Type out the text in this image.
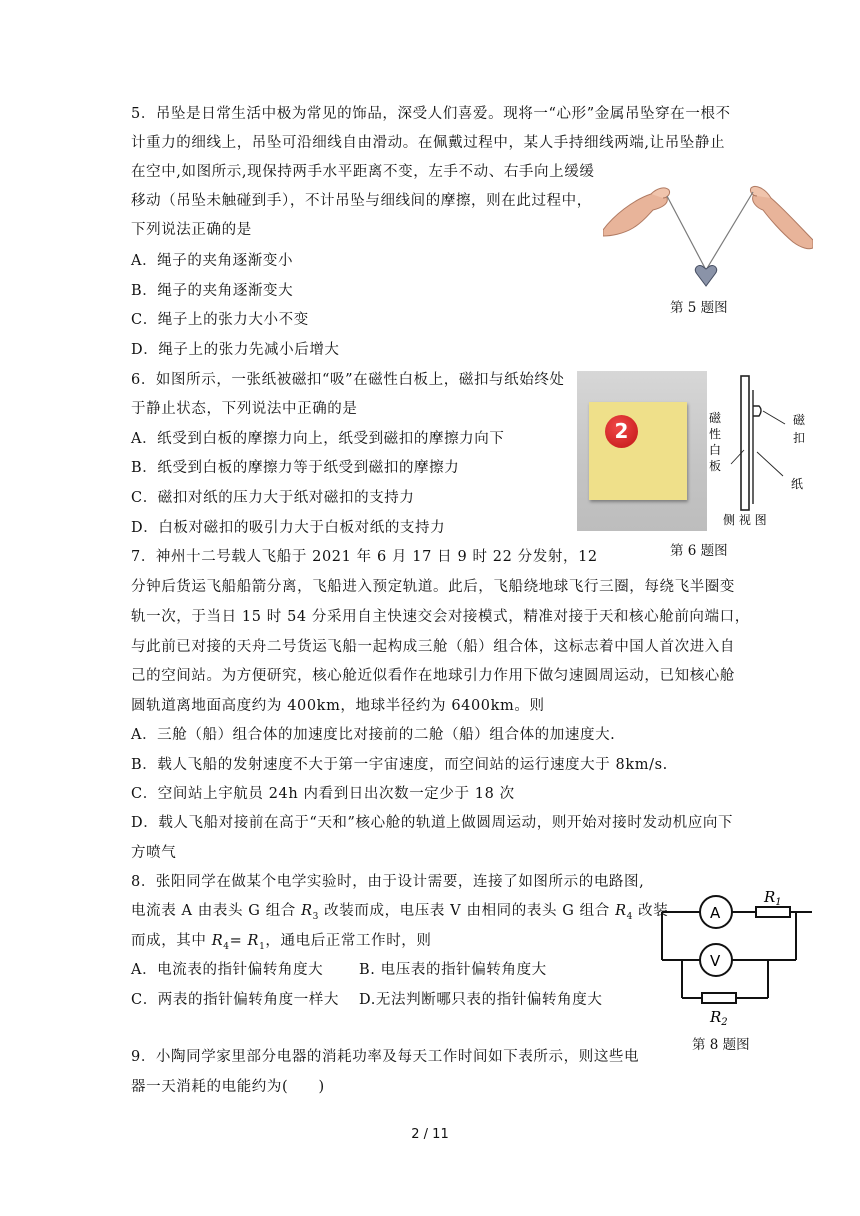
5．吊坠是日常生活中极为常见的饰品，深受人们喜爱。现将一“心形”金属吊坠穿在一根不
计重力的细线上，吊坠可沿细线自由滑动。在佩戴过程中，某人手持细线两端,让吊坠静止
在空中,如图所示,现保持两手水平距离不变，左手不动、右手向上缓缓
移动（吊坠未触碰到手），不计吊坠与细线间的摩擦，则在此过程中，
下列说法正确的是
A．绳子的夹角逐渐变小
B．绳子的夹角逐渐变大
C．绳子上的张力大小不变
D．绳子上的张力先减小后增大
第 5 题图
6．如图所示，一张纸被磁扣“吸”在磁性白板上，磁扣与纸始终处
于静止状态，下列说法中正确的是
A．纸受到白板的摩擦力向上，纸受到磁扣的摩擦力向下
B．纸受到白板的摩擦力等于纸受到磁扣的摩擦力
C．磁扣对纸的压力大于纸对磁扣的支持力
D．白板对磁扣的吸引力大于白板对纸的支持力
2
磁
性
白
板
磁
扣
纸
侧 视 图
第 6 题图
7．神州十二号载人飞船于 2021 年 6 月 17 日 9 时 22 分发射，12
分钟后货运飞船船箭分离，飞船进入预定轨道。此后，飞船绕地球飞行三圈，每绕飞半圈变
轨一次，于当日 15 时 54 分采用自主快速交会对接模式，精准对接于天和核心舱前向端口，
与此前已对接的天舟二号货运飞船一起构成三舱（船）组合体，这标志着中国人首次进入自
己的空间站。为方便研究，核心舱近似看作在地球引力作用下做匀速圆周运动，已知核心舱
圆轨道离地面高度约为 400km，地球半径约为 6400km。则
A．三舱（船）组合体的加速度比对接前的二舱（船）组合体的加速度大.
B．载人飞船的发射速度不大于第一宇宙速度，而空间站的运行速度大于 8km/s.
C．空间站上宇航员 24h 内看到日出次数一定少于 18 次
D．载人飞船对接前在高于“天和”核心舱的轨道上做圆周运动，则开始对接时发动机应向下
方喷气
8．张阳同学在做某个电学实验时，由于设计需要，连接了如图所示的电路图,
电流表 A 由表头 G 组合 $R_3$ 改装而成，电压表 V 由相同的表头 G 组合 $R_4$ 改装
而成，其中 $R_4= R_1$，通电后正常工作时，则
A．电流表的指针偏转角度大 B. 电压表的指针偏转角度大
C．两表的指针偏转角度一样大 D.无法判断哪只表的指针偏转角度大
A
$R_1$
V
$R_2$
第 8 题图
9．小陶同学家里部分电器的消耗功率及每天工作时间如下表所示，则这些电
器一天消耗的电能约为(　　)
2 / 11
